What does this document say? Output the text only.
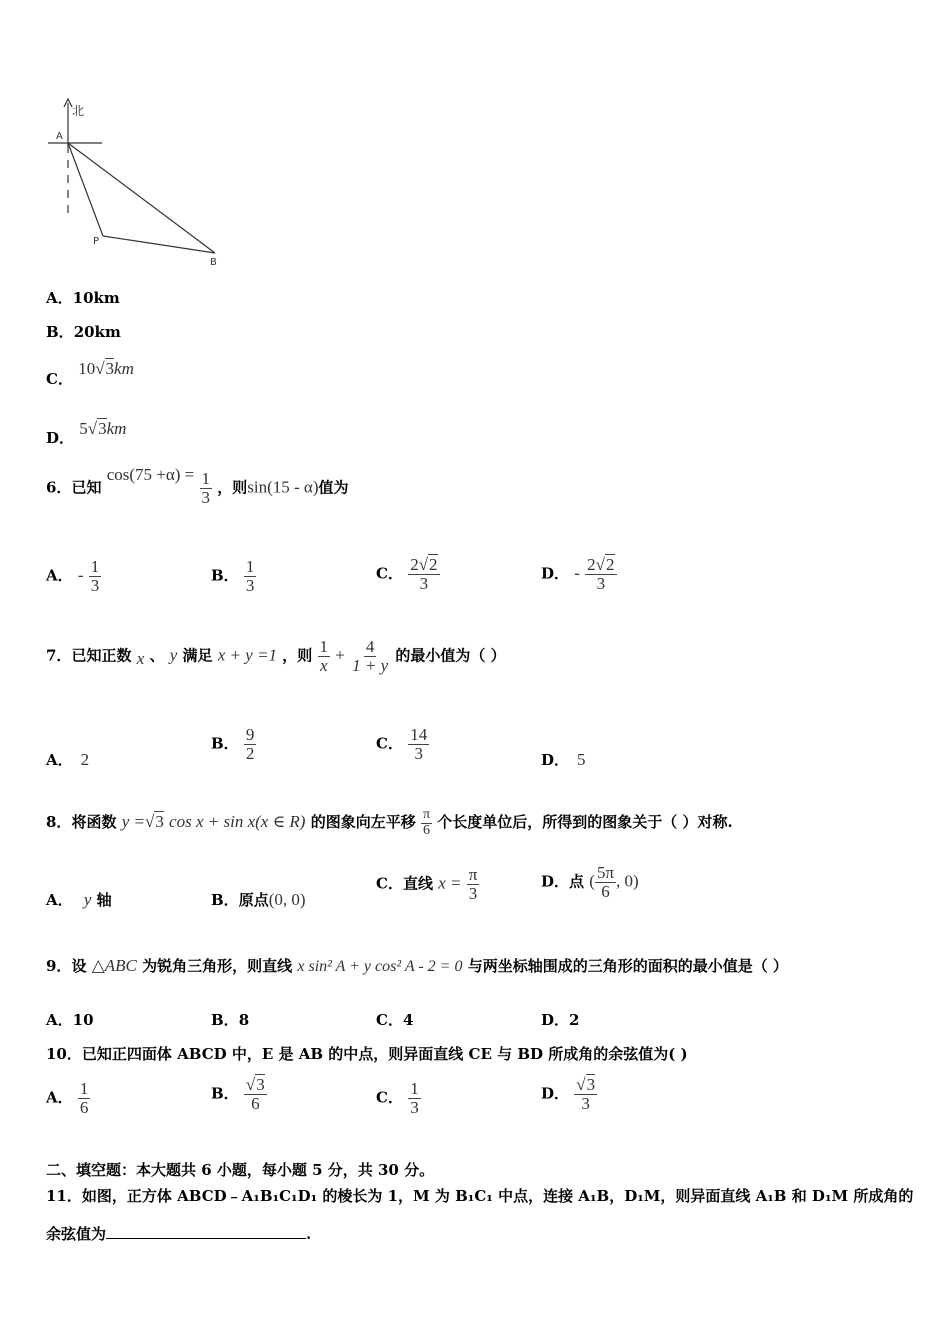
北
A
P
B
A．10km
B．20km
C． 10√3km
D． 5√3km
6．已知 $\cos(75 +\alpha) = \frac{1}{3}$ ，则sin(15 - α)值为
A． - $\frac{1}{3}$	B． $\frac{1}{3}$	C． $\frac{2√2}{3}$	D． - $\frac{2√2}{3}$
7．已知正数 x 、 y 满足 x + y =1 ，则 $\frac{1}{x} + \frac{4}{1 + y}$ 的最小值为（ ）
A． 2
B． $\frac{9}{2}$	C． $\frac{14}{3}$	D． 5
8．将函数 y =√3 cos x + sin x(x ∈ R) 的图象向左平移 $\frac{\pi}{6}$ 个长度单位后，所得到的图象关于（ ）对称.
A． y 轴	B．原点(0, 0)
C．直线 $x = \frac{\pi}{3}$	D．点 ( $\frac{5\pi}{6}$ , 0)
9．设 △ABC 为锐角三角形，则直线 x sin² A + y cos² A - 2 = 0 与两坐标轴围成的三角形的面积的最小值是（ ）
A．10	B．8	C．4	D．2
10．已知正四面体 ABCD 中，E 是 AB 的中点，则异面直线 CE 与 BD 所成角的余弦值为( )
A． $\frac{1}{6}$	B． $\frac{√3}{6}$	C． $\frac{1}{3}$	D． $\frac{√3}{3}$
二、填空题：本大题共 6 小题，每小题 5 分，共 30 分。
11．如图，正方体 ABCD﹣A₁B₁C₁D₁ 的棱长为 1，M 为 B₁C₁ 中点，连接 A₁B，D₁M，则异面直线 A₁B 和 D₁M 所成角的
余弦值为	.
